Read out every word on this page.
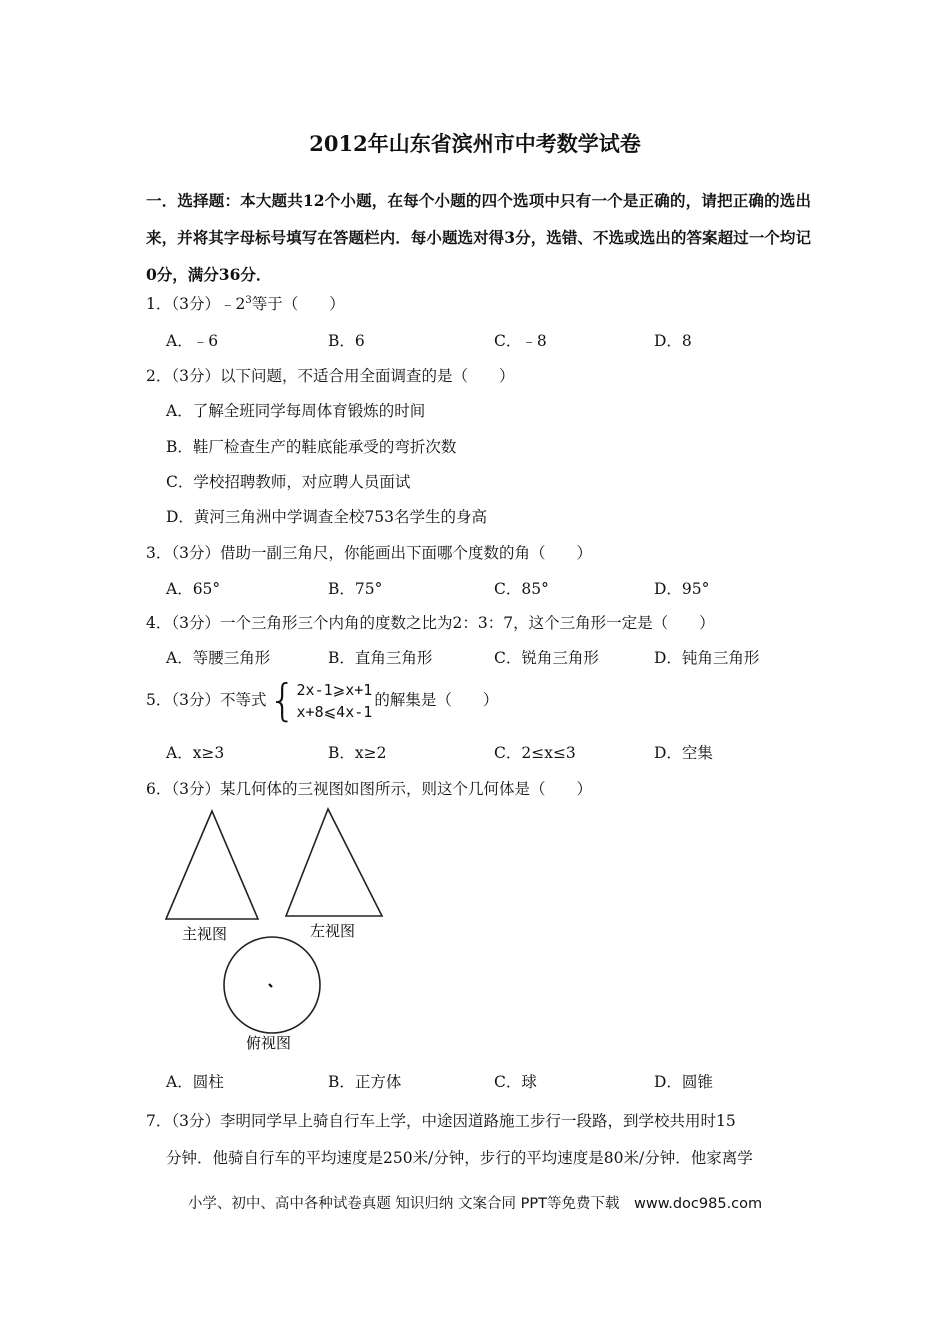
2012年山东省滨州市中考数学试卷
一．选择题：本大题共12个小题，在每个小题的四个选项中只有一个是正确的，请把正确的选出来，并将其字母标号填写在答题栏内．每小题选对得3分，选错、不选或选出的答案超过一个均记0分，满分36分．
1．（3分）$﹣2^3$等于（　　）
A．﹣6	B．6	C．﹣8	D．8
2．（3分）以下问题，不适合用全面调查的是（　　）
A．了解全班同学每周体育锻炼的时间
B．鞋厂检查生产的鞋底能承受的弯折次数
C．学校招聘教师，对应聘人员面试
D．黄河三角洲中学调查全校753名学生的身高
3．（3分）借助一副三角尺，你能画出下面哪个度数的角（　　）
A．65°	B．75°	C．85°	D．95°
4．（3分）一个三角形三个内角的度数之比为2：3：7，这个三角形一定是（　　）
A．等腰三角形	B．直角三角形	C．锐角三角形	D．钝角三角形
5．（3分）不等式 { 2x-1⩾x+1
x+8⩽4x-1
的解集是（　　）
A．x≥3	B．x≥2	C．2≤x≤3	D．空集
6．（3分）某几何体的三视图如图所示，则这个几何体是（　　）
主视图	左视图
俯视图
A．圆柱	B．正方体	C．球	D．圆锥
7．（3分）李明同学早上骑自行车上学，中途因道路施工步行一段路，到学校共用时15
分钟．他骑自行车的平均速度是250米/分钟，步行的平均速度是80米/分钟．他家离学
小学、初中、高中各种试卷真题 知识归纳 文案合同 PPT等免费下载　www.doc985.com
